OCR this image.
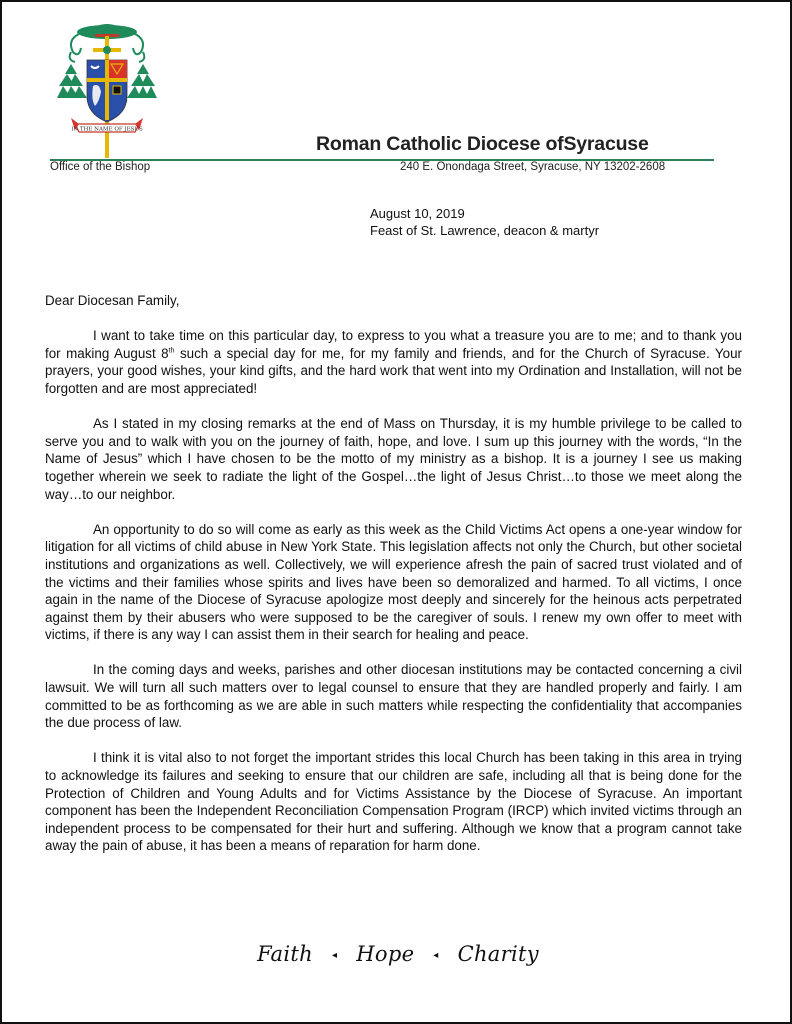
IN THE NAME OF JESUS
Roman Catholic Diocese ofSyracuse
Office of the Bishop	240 E. Onondaga Street, Syracuse, NY 13202-2608
August 10, 2019
Feast of St. Lawrence, deacon & martyr
Dear Diocesan Family,

I want to take time on this particular day, to express to you what a treasure you are to me; and to thank you for making August 8th such a special day for me, for my family and friends, and for the Church of Syracuse. Your prayers, your good wishes, your kind gifts, and the hard work that went into my Ordination and Installation, will not be forgotten and are most appreciated!

As I stated in my closing remarks at the end of Mass on Thursday, it is my humble privilege to be called to serve you and to walk with you on the journey of faith, hope, and love. I sum up this journey with the words, “In the Name of Jesus” which I have chosen to be the motto of my ministry as a bishop. It is a journey I see us making together wherein we seek to radiate the light of the Gospel…the light of Jesus Christ…to those we meet along the way…to our neighbor.

An opportunity to do so will come as early as this week as the Child Victims Act opens a one-year window for litigation for all victims of child abuse in New York State. This legislation affects not only the Church, but other societal institutions and organizations as well. Collectively, we will experience afresh the pain of sacred trust violated and of the victims and their families whose spirits and lives have been so demoralized and harmed. To all victims, I once again in the name of the Diocese of Syracuse apologize most deeply and sincerely for the heinous acts perpetrated against them by their abusers who were supposed to be the caregiver of souls. I renew my own offer to meet with victims, if there is any way I can assist them in their search for healing and peace.

In the coming days and weeks, parishes and other diocesan institutions may be contacted concerning a civil lawsuit. We will turn all such matters over to legal counsel to ensure that they are handled properly and fairly. I am committed to be as forthcoming as we are able in such matters while respecting the confidentiality that accompanies the due process of law.

I think it is vital also to not forget the important strides this local Church has been taking in this area in trying to acknowledge its failures and seeking to ensure that our children are safe, including all that is being done for the Protection of Children and Young Adults and for Victims Assistance by the Diocese of Syracuse. An important component has been the Independent Reconciliation Compensation Program (IRCP) which invited victims through an independent process to be compensated for their hurt and suffering. Although we know that a program cannot take away the pain of abuse, it has been a means of reparation for harm done.

Faith ◂ Hope ◂ Charity
